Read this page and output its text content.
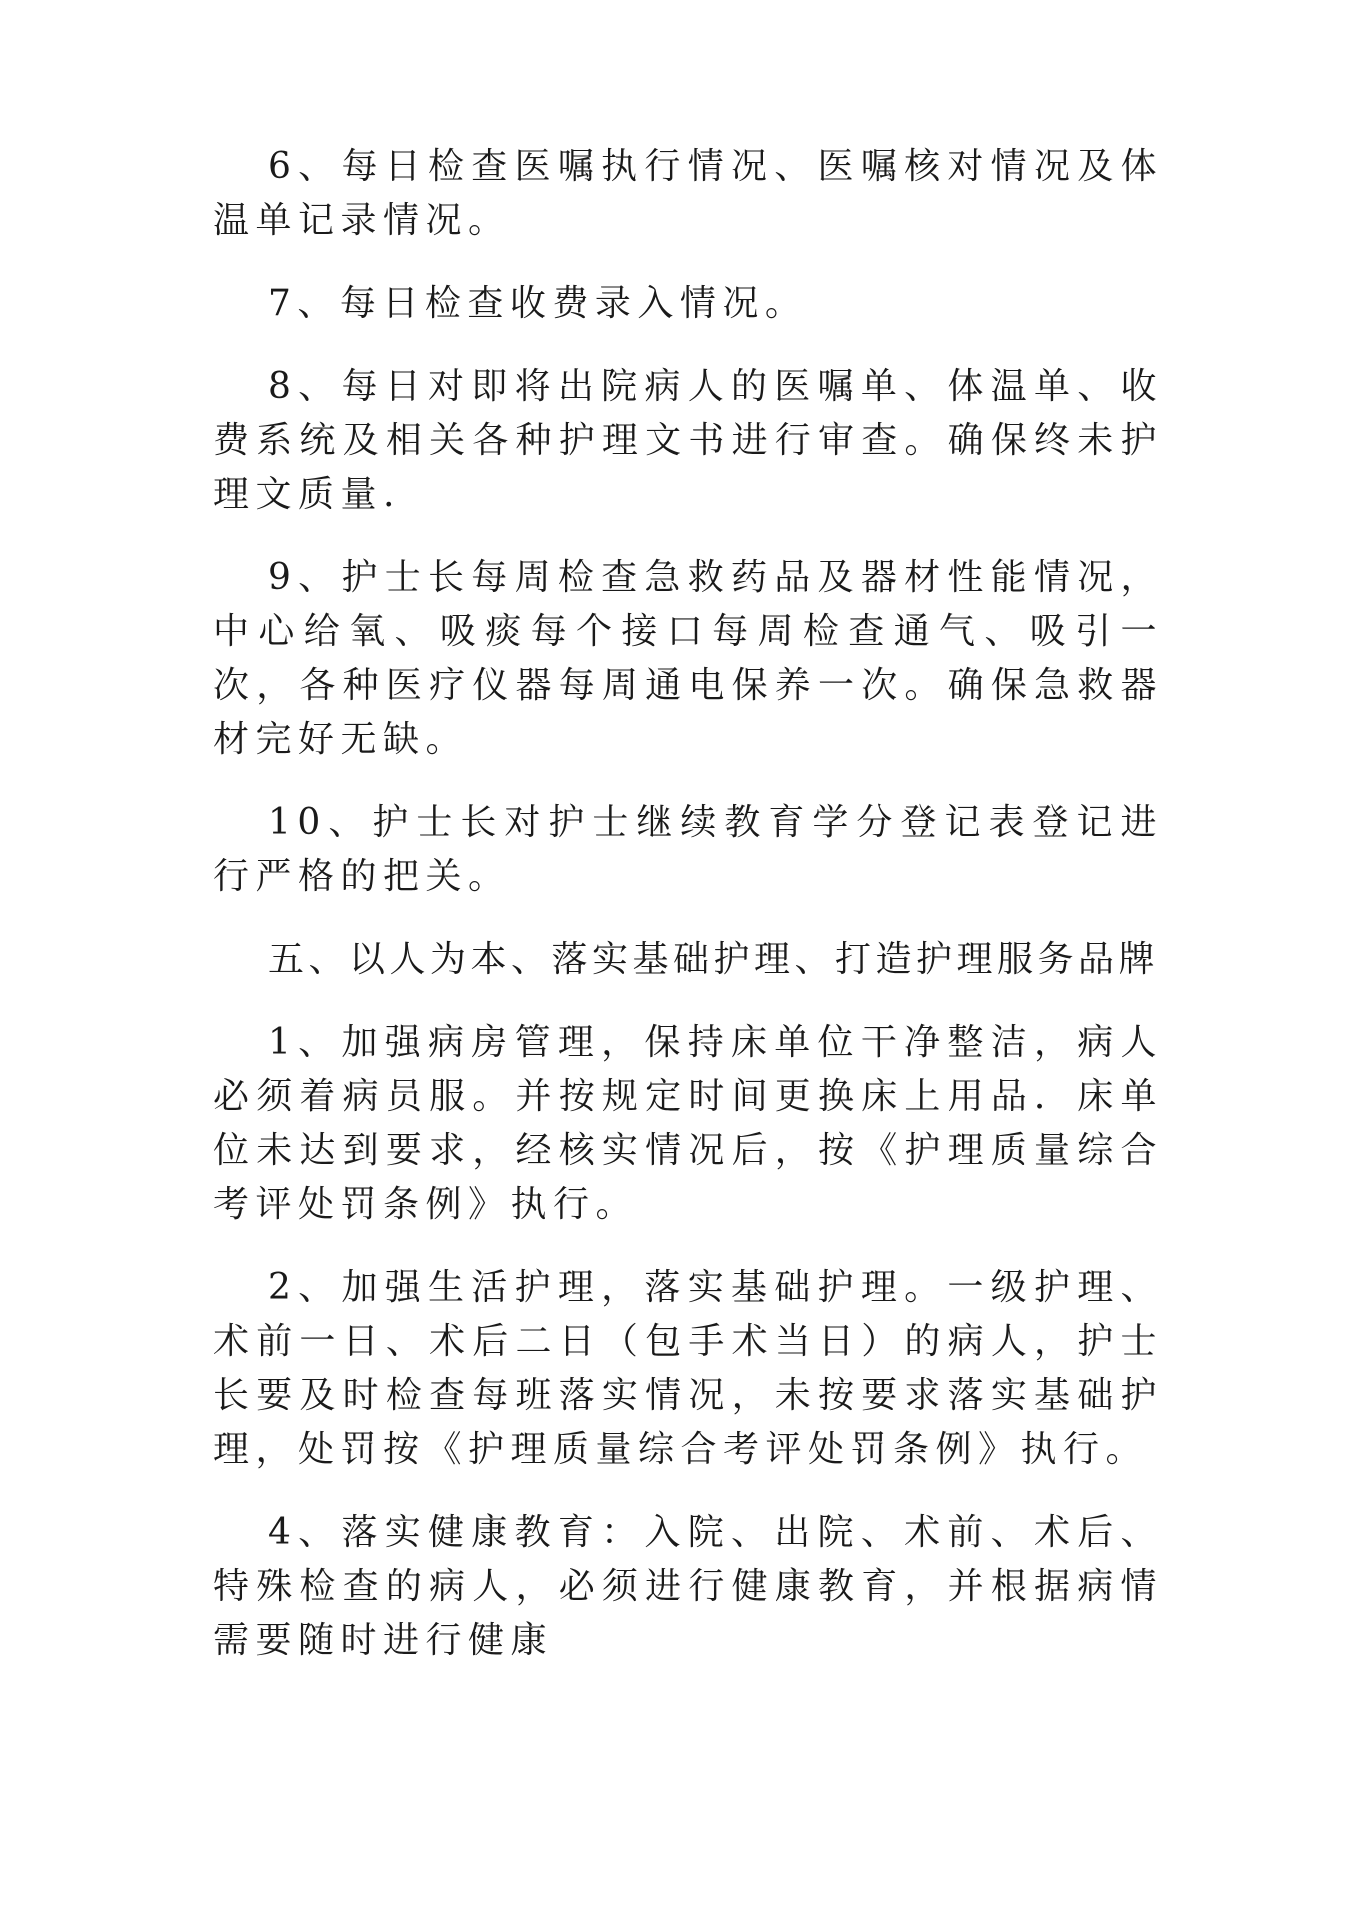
6、每日检查医嘱执行情况、医嘱核对情况及体温单记录情况。

7、每日检查收费录入情况。

8、每日对即将出院病人的医嘱单、体温单、收费系统及相关各种护理文书进行审查。确保终未护理文质量.

9、护士长每周检查急救药品及器材性能情况，中心给氧、吸痰每个接口每周检查通气、吸引一次，各种医疗仪器每周通电保养一次。确保急救器材完好无缺。

10、护士长对护士继续教育学分登记表登记进行严格的把关。

五、以人为本、落实基础护理、打造护理服务品牌

1、加强病房管理，保持床单位干净整洁，病人必须着病员服。并按规定时间更换床上用品．床单位未达到要求，经核实情况后，按《护理质量综合考评处罚条例》执行。

2、加强生活护理，落实基础护理。一级护理、术前一日、术后二日（包手术当日）的病人，护士长要及时检查每班落实情况，未按要求落实基础护理，处罚按《护理质量综合考评处罚条例》执行。

4、落实健康教育：入院、出院、术前、术后、特殊检查的病人，必须进行健康教育，并根据病情需要随时进行健康
